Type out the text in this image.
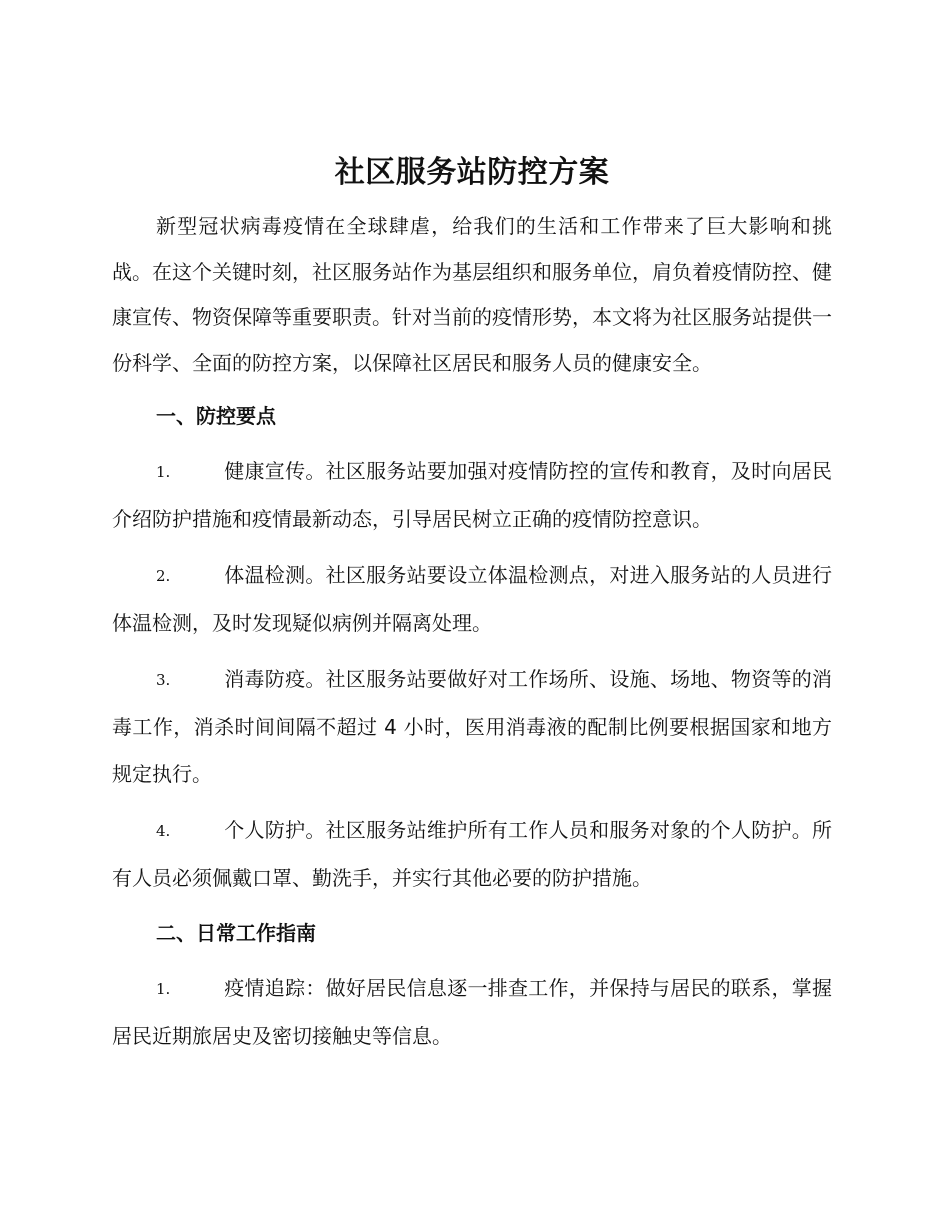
社区服务站防控方案

新型冠状病毒疫情在全球肆虐，给我们的生活和工作带来了巨大影响和挑战。在这个关键时刻，社区服务站作为基层组织和服务单位，肩负着疫情防控、健康宣传、物资保障等重要职责。针对当前的疫情形势，本文将为社区服务站提供一份科学、全面的防控方案，以保障社区居民和服务人员的健康安全。

一、防控要点

1.	健康宣传。社区服务站要加强对疫情防控的宣传和教育，及时向居民介绍防护措施和疫情最新动态，引导居民树立正确的疫情防控意识。

2.	体温检测。社区服务站要设立体温检测点，对进入服务站的人员进行体温检测，及时发现疑似病例并隔离处理。

3.	消毒防疫。社区服务站要做好对工作场所、设施、场地、物资等的消毒工作，消杀时间间隔不超过 4 小时，医用消毒液的配制比例要根据国家和地方规定执行。

4.	个人防护。社区服务站维护所有工作人员和服务对象的个人防护。所有人员必须佩戴口罩、勤洗手，并实行其他必要的防护措施。

二、日常工作指南

1.	疫情追踪：做好居民信息逐一排查工作，并保持与居民的联系，掌握居民近期旅居史及密切接触史等信息。
